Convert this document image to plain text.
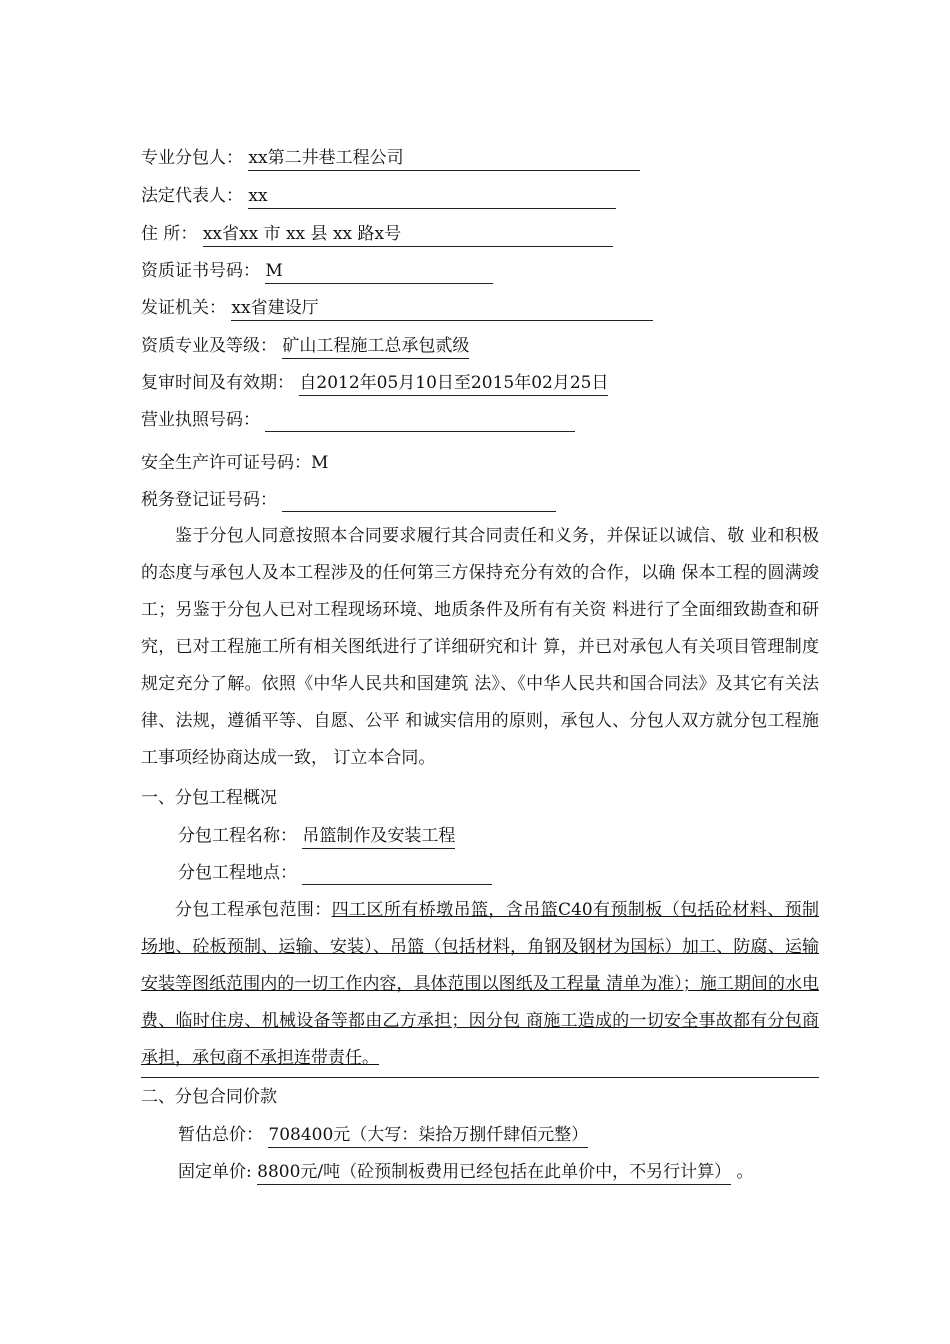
专业分包人： xx第二井巷工程公司
法定代表人： xx
住 所： xx省xx 市 xx 县 xx 路x号
资质证书号码： M
发证机关： xx省建设厅
资质专业及等级： 矿山工程施工总承包贰级
复审时间及有效期： 自2012年05月10日至2015年02月25日
营业执照号码：
安全生产许可证号码：M
税务登记证号码：

鉴于分包人同意按照本合同要求履行其合同责任和义务，并保证以诚信、敬 业和积极的态度与承包人及本工程涉及的任何第三方保持充分有效的合作，以确 保本工程的圆满竣工；另鉴于分包人已对工程现场环境、地质条件及所有有关资 料进行了全面细致勘查和研究，已对工程施工所有相关图纸进行了详细研究和计 算，并已对承包人有关项目管理制度规定充分了解。依照《中华人民共和国建筑 法》、《中华人民共和国合同法》及其它有关法律、法规，遵循平等、自愿、公平 和诚实信用的原则，承包人、分包人双方就分包工程施工事项经协商达成一致， 订立本合同。

一、分包工程概况
分包工程名称： 吊篮制作及安装工程
分包工程地点：

分包工程承包范围：四工区所有桥墩吊篮，含吊篮C40有预制板（包括砼材料、预制场地、砼板预制、运输、安装）、吊篮（包括材料，角钢及钢材为国标）加工、防腐、运输安装等图纸范围内的一切工作内容，具体范围以图纸及工程量 清单为准）；施工期间的水电费、临时住房、机械设备等都由乙方承担；因分包 商施工造成的一切安全事故都有分包商承担，承包商不承担连带责任。

二、分包合同价款
暂估总价： 708400元（大写：柒拾万捌仟肆佰元整）
固定单价: 8800元/吨（砼预制板费用已经包括在此单价中，不另行计算） 。
